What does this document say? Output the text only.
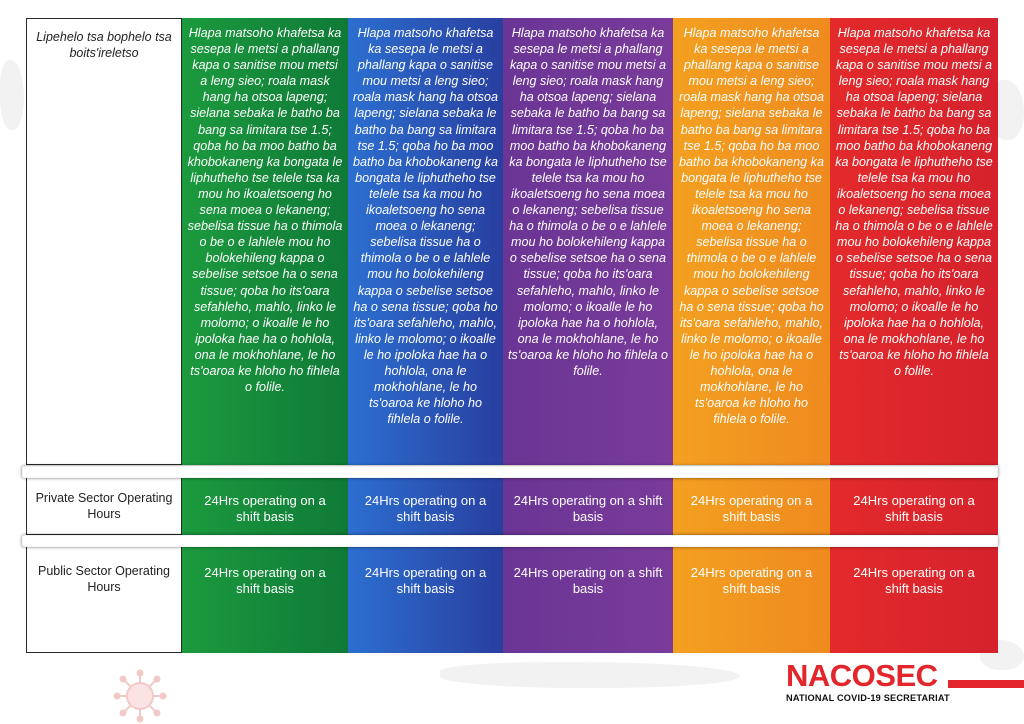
Lipehelo tsa bophelo tsa boits'ireletso
Private Sector Operating Hours
Public Sector Operating Hours
Hlapa matsoho khafetsa ka sesepa le metsi a phallang kapa o sanitise mou metsi a leng sieo; roala mask hang ha otsoa lapeng; sielana sebaka le batho ba bang sa limitara tse 1.5; qoba ho ba moo batho ba khobokaneng ka bongata le liphutheho tse telele tsa ka mou ho ikoaletsoeng ho sena moea o lekaneng; sebelisa tissue ha o thimola o be o e lahlele mou ho bolokehileng kappa o sebelise setsoe ha o sena tissue; qoba ho its'oara sefahleho, mahlo, linko le molomo; o ikoalle le ho ipoloka hae ha o hohlola, ona le mokhohlane, le ho ts'oaroa ke hloho ho fihlela o folile.
Hlapa matsoho khafetsa ka sesepa le metsi a phallang kapa o sanitise mou metsi a leng sieo; roala mask hang ha otsoa lapeng; sielana sebaka le batho ba bang sa limitara tse 1.5; qoba ho ba moo batho ba khobokaneng ka bongata le liphutheho tse telele tsa ka mou ho ikoaletsoeng ho sena moea o lekaneng; sebelisa tissue ha o thimola o be o e lahlele mou ho bolokehileng kappa o sebelise setsoe ha o sena tissue; qoba ho its'oara sefahleho, mahlo, linko le molomo; o ikoalle le ho ipoloka hae ha o hohlola, ona le mokhohlane, le ho ts'oaroa ke hloho ho fihlela o folile.
Hlapa matsoho khafetsa ka sesepa le metsi a phallang kapa o sanitise mou metsi a leng sieo; roala mask hang ha otsoa lapeng; sielana sebaka le batho ba bang sa limitara tse 1.5; qoba ho ba moo batho ba khobokaneng ka bongata le liphutheho tse telele tsa ka mou ho ikoaletsoeng ho sena moea o lekaneng; sebelisa tissue ha o thimola o be o e lahlele mou ho bolokehileng kappa o sebelise setsoe ha o sena tissue; qoba ho its'oara sefahleho, mahlo, linko le molomo; o ikoalle le ho ipoloka hae ha o hohlola, ona le mokhohlane, le ho ts'oaroa ke hloho ho fihlela o folile.
Hlapa matsoho khafetsa ka sesepa le metsi a phallang kapa o sanitise mou metsi a leng sieo; roala mask hang ha otsoa lapeng; sielana sebaka le batho ba bang sa limitara tse 1.5; qoba ho ba moo batho ba khobokaneng ka bongata le liphutheho tse telele tsa ka mou ho ikoaletsoeng ho sena moea o lekaneng; sebelisa tissue ha o thimola o be o e lahlele mou ho bolokehileng kappa o sebelise setsoe ha o sena tissue; qoba ho its'oara sefahleho, mahlo, linko le molomo; o ikoalle le ho ipoloka hae ha o hohlola, ona le mokhohlane, le ho ts'oaroa ke hloho ho fihlela o folile.
Hlapa matsoho khafetsa ka sesepa le metsi a phallang kapa o sanitise mou metsi a leng sieo; roala mask hang ha otsoa lapeng; sielana sebaka le batho ba bang sa limitara tse 1.5; qoba ho ba moo batho ba khobokaneng ka bongata le liphutheho tse telele tsa ka mou ho ikoaletsoeng ho sena moea o lekaneng; sebelisa tissue ha o thimola o be o e lahlele mou ho bolokehileng kappa o sebelise setsoe ha o sena tissue; qoba ho its'oara sefahleho, mahlo, linko le molomo; o ikoalle le ho ipoloka hae ha o hohlola, ona le mokhohlane, le ho ts'oaroa ke hloho ho fihlela o folile.
24Hrs operating on a shift basis
24Hrs operating on a shift basis
24Hrs operating on a shift basis
24Hrs operating on a shift basis
24Hrs operating on a shift basis
24Hrs operating on a shift basis
24Hrs operating on a shift basis
24Hrs operating on a shift basis
24Hrs operating on a shift basis
24Hrs operating on a shift basis
NACOSEC
NATIONAL COVID-19 SECRETARIAT
